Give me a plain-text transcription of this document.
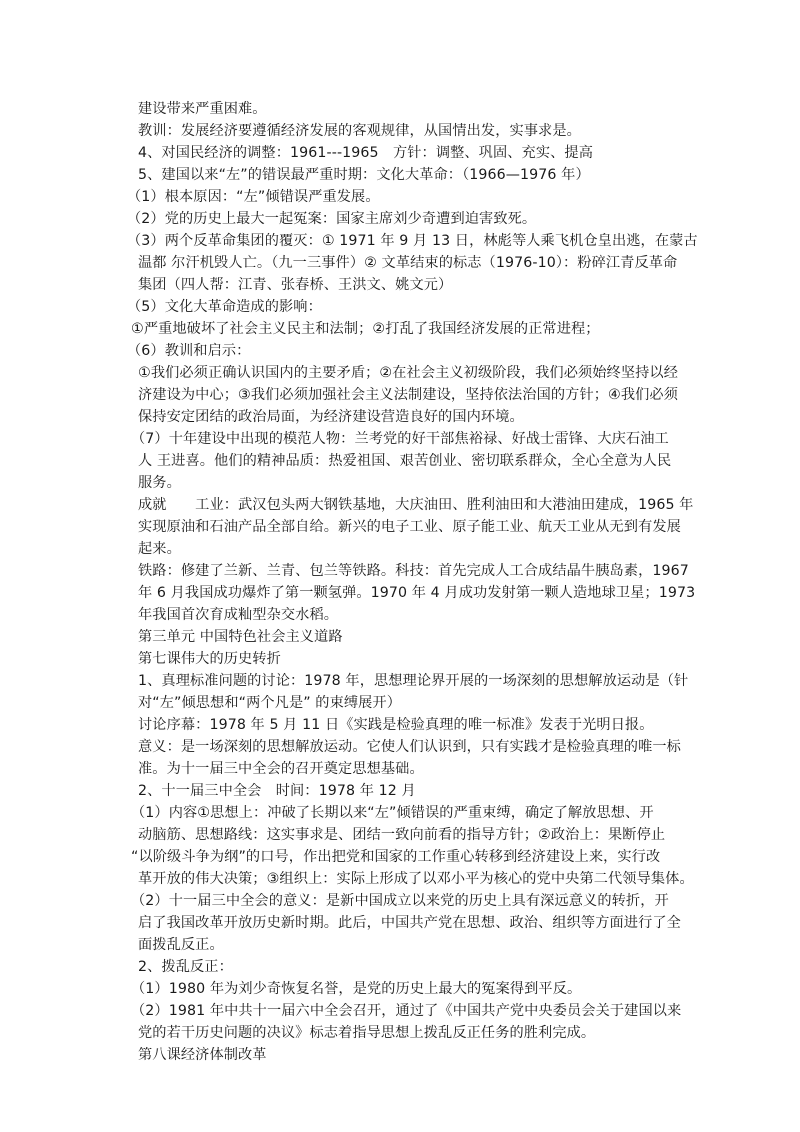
建设带来严重困难。
教训：发展经济要遵循经济发展的客观规律，从国情出发，实事求是。
4、对国民经济的调整：1961---1965　方针：调整、巩固、充实、提高
5、建国以来“左”的错误最严重时期：文化大革命：（1966—1976 年）
（1）根本原因：“左”倾错误严重发展。
（2）党的历史上最大一起冤案：国家主席刘少奇遭到迫害致死。
（3）两个反革命集团的覆灭：① 1971 年 9 月 13 日，林彪等人乘飞机仓皇出逃，在蒙古
温都 尔汗机毁人亡。（九一三事件）② 文革结束的标志（1976-10）：粉碎江青反革命
集团（四人帮：江青、张春桥、王洪文、姚文元）
（5）文化大革命造成的影响：
①严重地破坏了社会主义民主和法制；②打乱了我国经济发展的正常进程；
（6）教训和启示：
①我们必须正确认识国内的主要矛盾；②在社会主义初级阶段，我们必须始终坚持以经
济建设为中心；③我们必须加强社会主义法制建设，坚持依法治国的方针；④我们必须
保持安定团结的政治局面，为经济建设营造良好的国内环境。
（7）十年建设中出现的模范人物：兰考党的好干部焦裕禄、好战士雷锋、大庆石油工
人 王进喜。他们的精神品质：热爱祖国、艰苦创业、密切联系群众，全心全意为人民
服务。
成就　　工业：武汉包头两大钢铁基地，大庆油田、胜利油田和大港油田建成，1965 年
实现原油和石油产品全部自给。新兴的电子工业、原子能工业、航天工业从无到有发展
起来。
铁路：修建了兰新、兰青、包兰等铁路。科技：首先完成人工合成结晶牛胰岛素，1967
年 6 月我国成功爆炸了第一颗氢弹。1970 年 4 月成功发射第一颗人造地球卫星；1973
年我国首次育成籼型杂交水稻。
第三单元 中国特色社会主义道路
第七课伟大的历史转折
1、真理标准问题的讨论：1978 年，思想理论界开展的一场深刻的思想解放运动是（针
对“左”倾思想和“两个凡是” 的束缚展开）
讨论序幕：1978 年 5 月 11 日《实践是检验真理的唯一标准》发表于光明日报。
意义：是一场深刻的思想解放运动。它使人们认识到，只有实践才是检验真理的唯一标
准。为十一届三中全会的召开奠定思想基础。
2、十一届三中全会　时间：1978 年 12 月
（1）内容①思想上：冲破了长期以来“左”倾错误的严重束缚，确定了解放思想、开
动脑筋、思想路线：这实事求是、团结一致向前看的指导方针；②政治上：果断停止
“以阶级斗争为纲”的口号，作出把党和国家的工作重心转移到经济建设上来，实行改
革开放的伟大决策；③组织上：实际上形成了以邓小平为核心的党中央第二代领导集体。
（2）十一届三中全会的意义：是新中国成立以来党的历史上具有深远意义的转折，开
启了我国改革开放历史新时期。此后，中国共产党在思想、政治、组织等方面进行了全
面拨乱反正。
2、拨乱反正：
（1）1980 年为刘少奇恢复名誉，是党的历史上最大的冤案得到平反。
（2）1981 年中共十一届六中全会召开，通过了《中国共产党中央委员会关于建国以来
党的若干历史问题的决议》标志着指导思想上拨乱反正任务的胜利完成。
第八课经济体制改革
